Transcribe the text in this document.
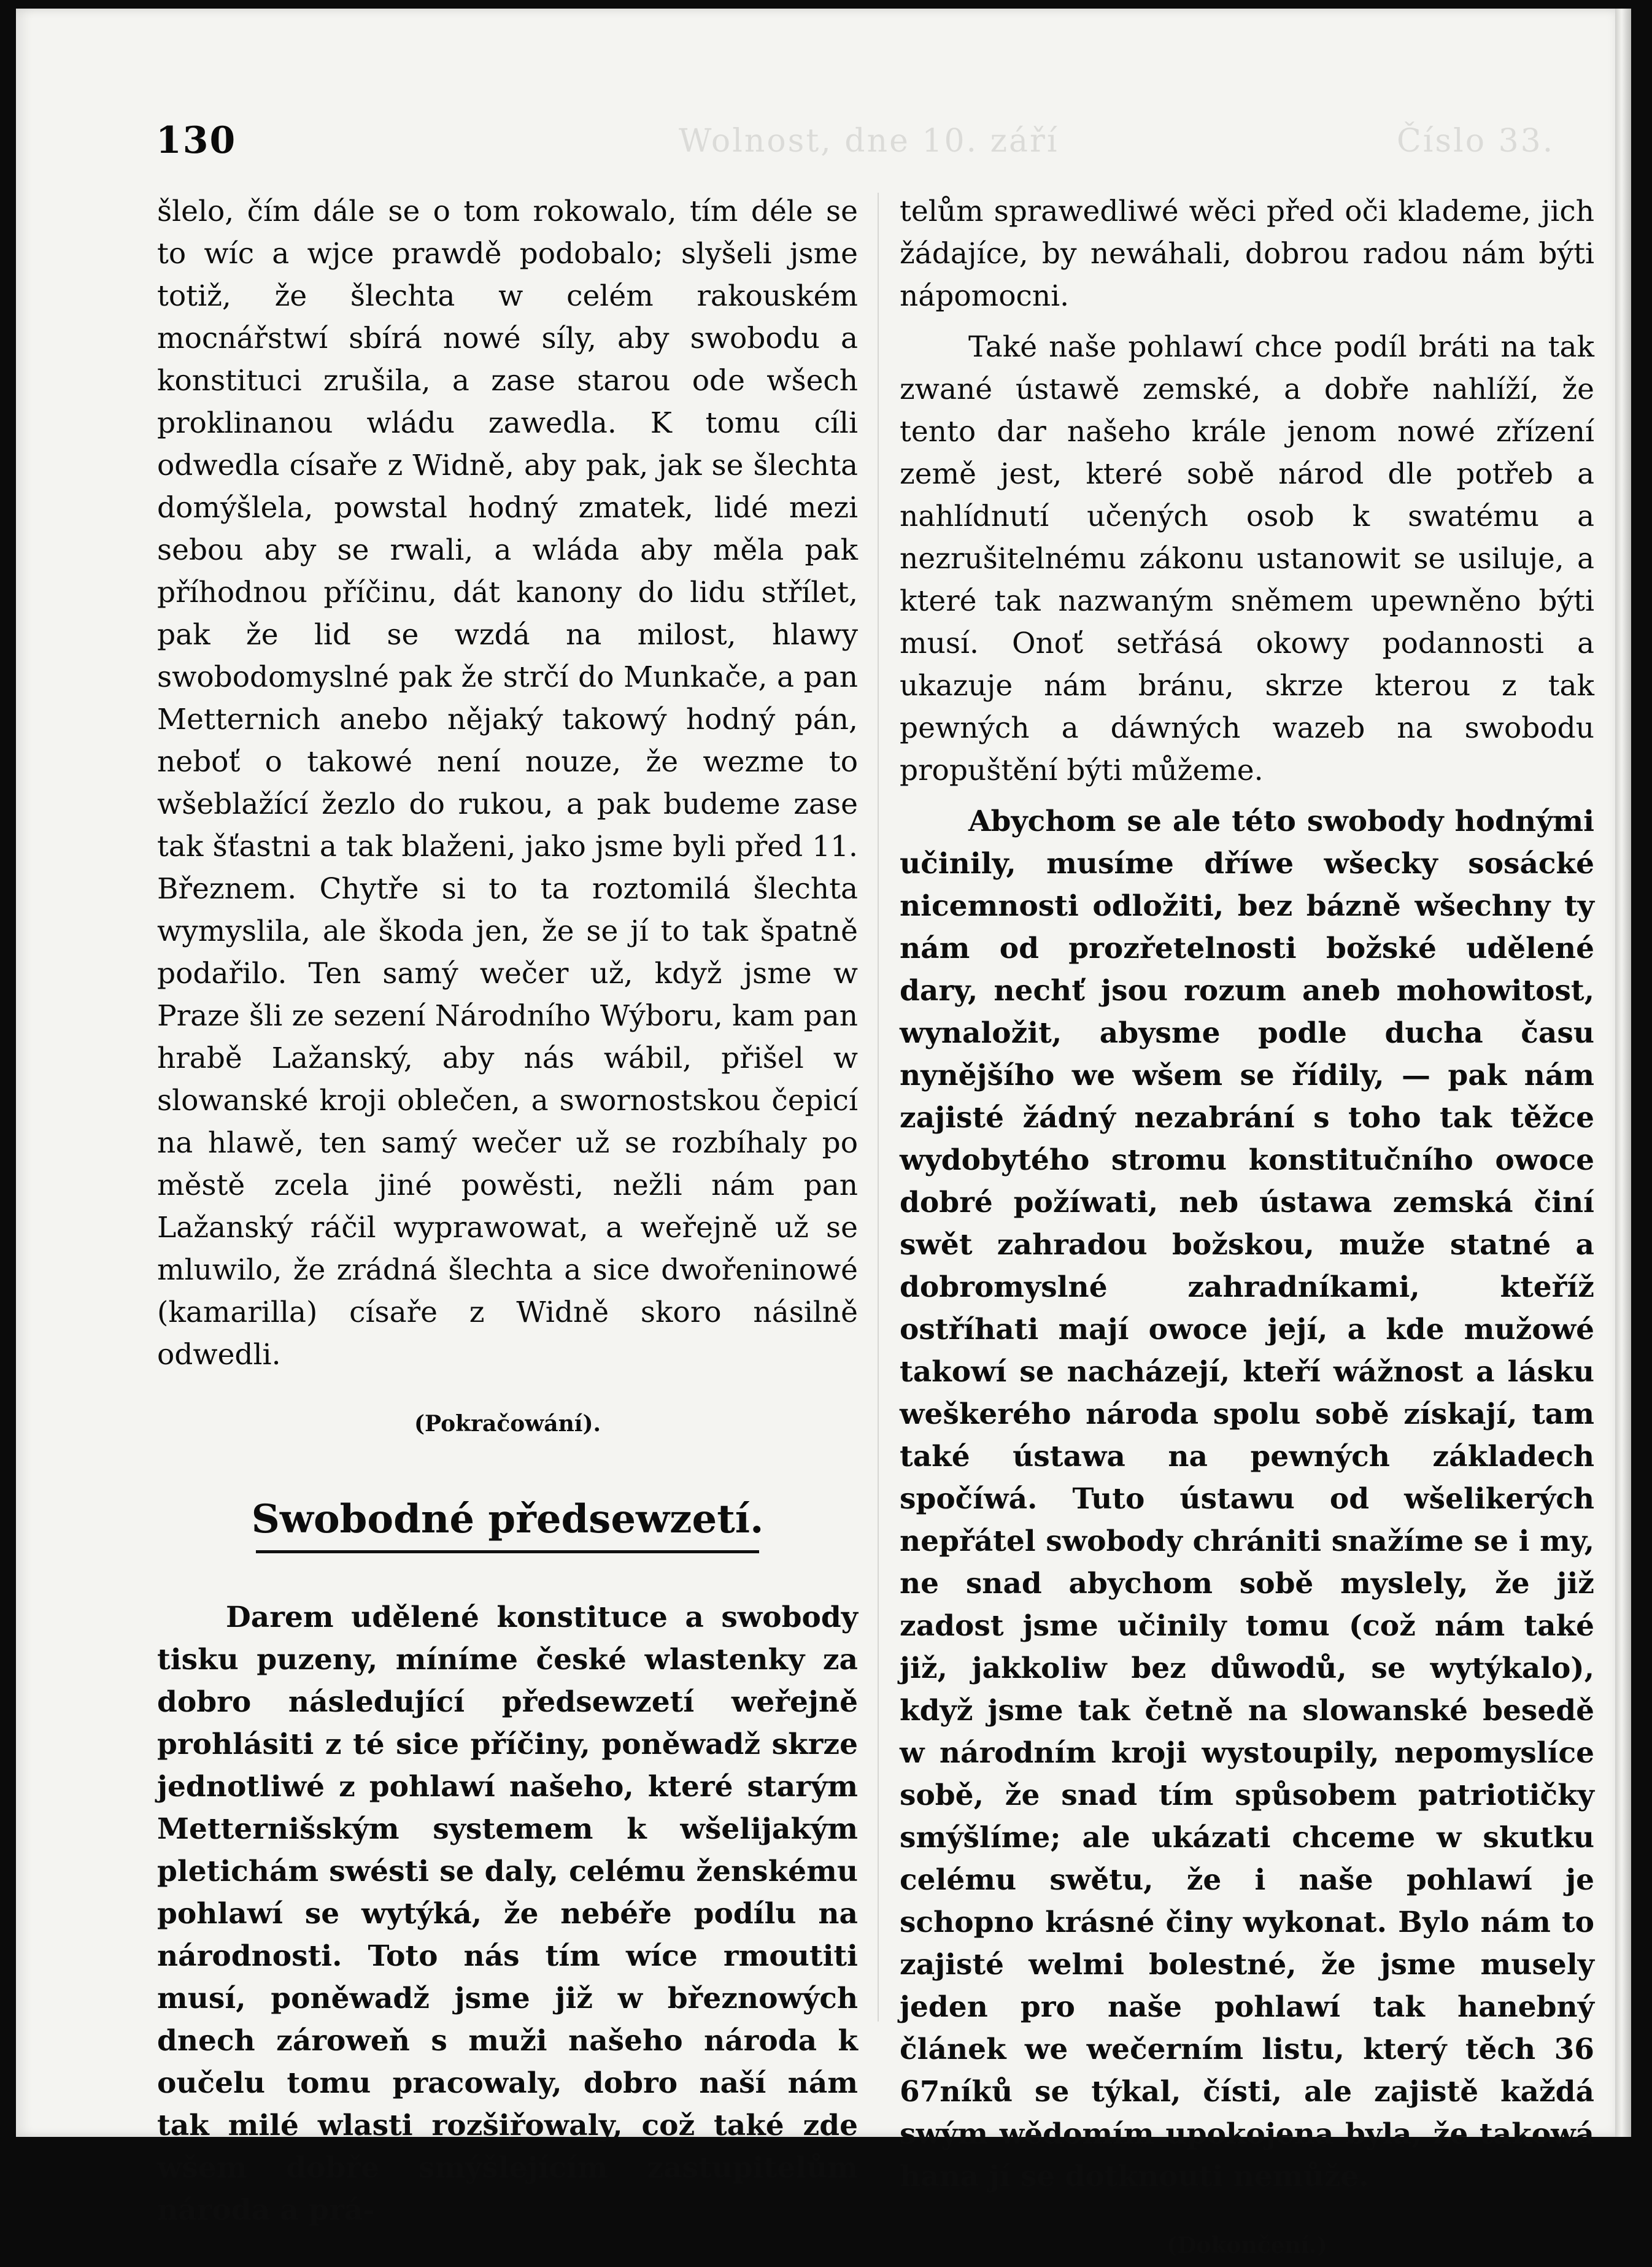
Wolnost, dne 10. září	Číslo 33.
130

šlelo, čím dále se o tom rokowalo, tím déle se to wíc a wjce prawdě podobalo; slyšeli jsme totiž, že šlechta w celém rakouském mocnářstwí sbírá nowé síly, aby swobodu a konstituci zrušila, a zase starou ode wšech proklinanou wládu zawedla. K tomu cíli odwedla císaře z Widně, aby pak, jak se šlechta domýšlela, powstal hodný zmatek, lidé mezi sebou aby se rwali, a wláda aby měla pak příhodnou příčinu, dát kanony do lidu střílet, pak že lid se wzdá na milost, hlawy swobodomyslné pak že strčí do Munkače, a pan Metternich anebo nějaký takowý hodný pán, neboť o takowé není nouze, že wezme to wšeblažící žezlo do rukou, a pak budeme zase tak šťastni a tak blaženi, jako jsme byli před 11. Březnem. Chytře si to ta roztomilá šlechta wymyslila, ale škoda jen, že se jí to tak špatně podařilo. Ten samý wečer už, když jsme w Praze šli ze sezení Národního Wýboru, kam pan hrabě Lažanský, aby nás wábil, přišel w slowanské kroji oblečen, a swornostskou čepicí na hlawě, ten samý wečer už se rozbíhaly po městě zcela jiné powěsti, nežli nám pan Lažanský ráčil wyprawowat, a weřejně už se mluwilo, že zrádná šlechta a sice dwořeninowé (kamarilla) císaře z Widně skoro násilně odwedli.

(Pokračowání).

Swobodné předsewzetí.

Darem udělené konstituce a swobody tisku puzeny, míníme české wlastenky za dobro následující předsewzetí weřejně prohlásiti z té sice příčiny, poněwadž skrze jednotliwé z pohlawí našeho, které starým Metternišským systemem k wšelijakým pletichám swésti se daly, celému ženskému pohlawí se wytýká, že nebéře podílu na národnosti. Toto nás tím wíce rmoutiti musí, poněwadž jsme již w březnowých dnech zároweň s muži našeho národa k oučelu tomu pracowaly, dobro naší nám tak milé wlasti rozšiřowaly, což také zde wšem dobře smýšlejícím zastupitelům národa a prá-

telům sprawedliwé wěci před oči klademe, jich žádajíce, by newáhali, dobrou radou nám býti nápomocni.

Také naše pohlawí chce podíl bráti na tak zwané ústawě zemské, a dobře nahlíží, že tento dar našeho krále jenom nowé zřízení země jest, které sobě národ dle potřeb a nahlídnutí učených osob k swatému a nezrušitelnému zákonu ustanowit se usiluje, a které tak nazwaným sněmem upewněno býti musí. Onoť setřásá okowy podannosti a ukazuje nám bránu, skrze kterou z tak pewných a dáwných wazeb na swobodu propuštění býti můžeme.

Abychom se ale této swobody hodnými učinily, musíme dříwe wšecky sosácké nicemnosti odložiti, bez bázně wšechny ty nám od prozřetelnosti božské udělené dary, nechť jsou rozum aneb mohowitost, wynaložit, abysme podle ducha času nynějšího we wšem se řídily, — pak nám zajisté žádný nezabrání s toho tak těžce wydobytého stromu konstitučního owoce dobré požíwati, neb ústawa zemská činí swět zahradou božskou, muže statné a dobromyslné zahradníkami, kteříž ostříhati mají owoce její, a kde mužowé takowí se nacházejí, kteří wážnost a lásku weškerého národa spolu sobě získají, tam také ústawa na pewných základech spočíwá. Tuto ústawu od wšelikerých nepřátel swobody chrániti snažíme se i my, ne snad abychom sobě myslely, že již zadost jsme učinily tomu (což nám také již, jakkoliw bez důwodů, se wytýkalo), když jsme tak četně na slowanské besedě w národním kroji wystoupily, nepomyslíce sobě, že snad tím spůsobem patriotičky smýšlíme; ale ukázati chceme w skutku celému swětu, že i naše pohlawí je schopno krásné činy wykonat. Bylo nám to zajisté welmi bolestné, že jsme musely jeden pro naše pohlawí tak hanebný článek we wečerním listu, který těch 36 67níků se týkal, čísti, ale zajistě každá swým wědomím upokojena byla, že takowá hana jí se dotknouti nemůže.

(Dokončení.)
